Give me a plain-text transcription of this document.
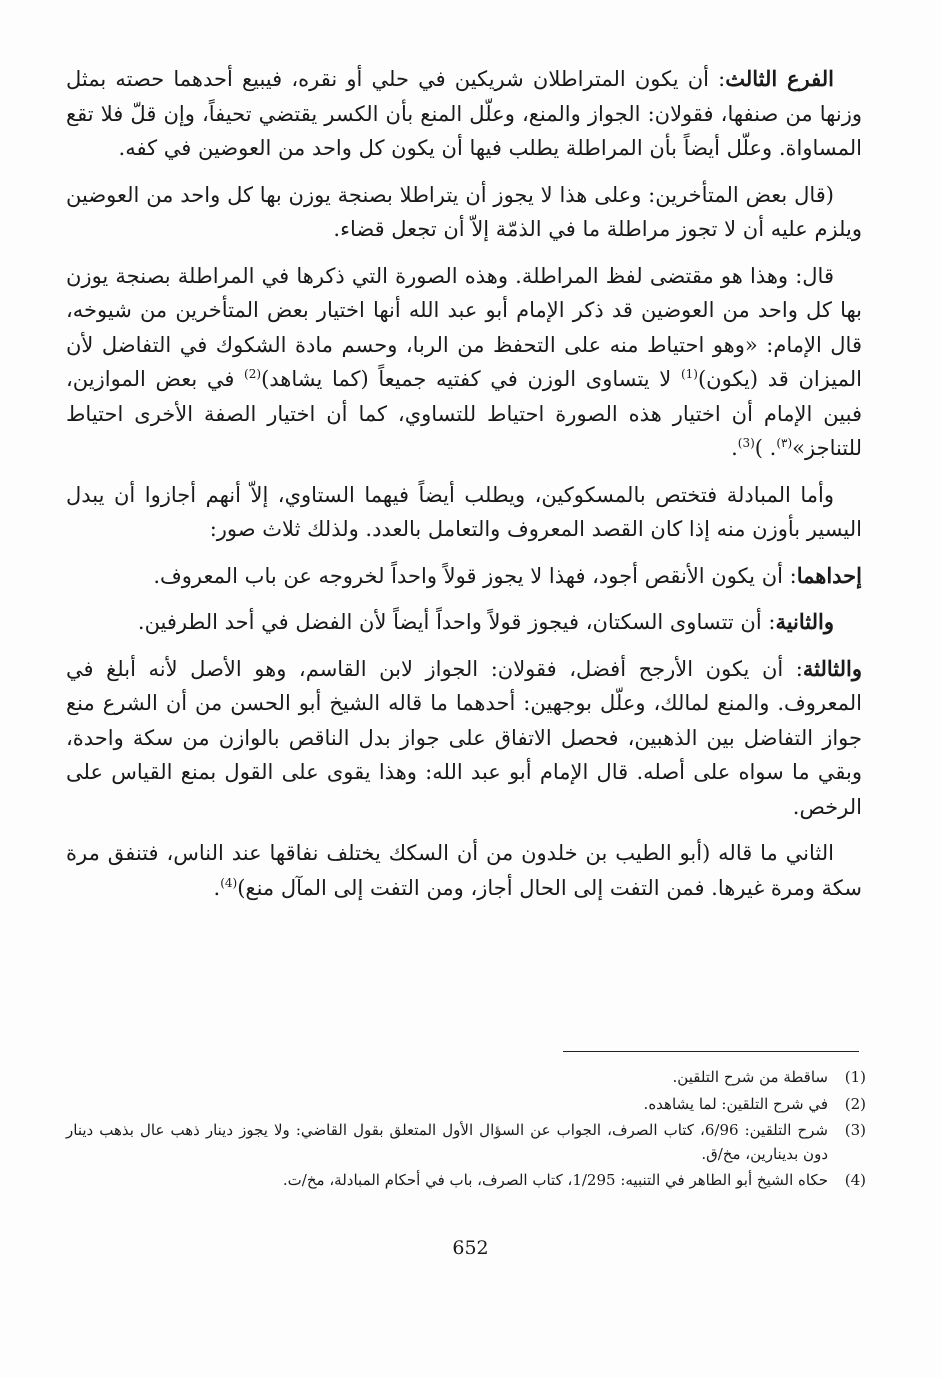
الفرع الثالث: أن يكون المتراطلان شريكين في حلي أو نقره، فيبيع أحدهما حصته بمثل وزنها من صنفها، فقولان: الجواز والمنع، وعلّل المنع بأن الكسر يقتضي تحيفاً، وإن قلّ فلا تقع المساواة. وعلّل أيضاً بأن المراطلة يطلب فيها أن يكون كل واحد من العوضين في كفه.

(قال بعض المتأخرين: وعلى هذا لا يجوز أن يتراطلا بصنجة يوزن بها كل واحد من العوضين ويلزم عليه أن لا تجوز مراطلة ما في الذمّة إلاّ أن تجعل قضاء.

قال: وهذا هو مقتضى لفظ المراطلة. وهذه الصورة التي ذكرها في المراطلة بصنجة يوزن بها كل واحد من العوضين قد ذكر الإمام أبو عبد الله أنها اختيار بعض المتأخرين من شيوخه، قال الإمام: «وهو احتياط منه على التحفظ من الربا، وحسم مادة الشكوك في التفاضل لأن الميزان قد (يكون)$^{(1)}$ لا يتساوى الوزن في كفتيه جميعاً (كما يشاهد)$^{(2)}$ في بعض الموازين، فبين الإمام أن اختيار هذه الصورة احتياط للتساوي، كما أن اختيار الصفة الأخرى احتياط للتناجز»$^{(٣)}$. )$^{(3)}$.

وأما المبادلة فتختص بالمسكوكين، ويطلب أيضاً فيهما الستاوي، إلاّ أنهم أجازوا أن يبدل اليسير بأوزن منه إذا كان القصد المعروف والتعامل بالعدد. ولذلك ثلاث صور:

إحداهما: أن يكون الأنقص أجود، فهذا لا يجوز قولاً واحداً لخروجه عن باب المعروف.

والثانية: أن تتساوى السكتان، فيجوز قولاً واحداً أيضاً لأن الفضل في أحد الطرفين.

والثالثة: أن يكون الأرجح أفضل، فقولان: الجواز لابن القاسم، وهو الأصل لأنه أبلغ في المعروف. والمنع لمالك، وعلّل بوجهين: أحدهما ما قاله الشيخ أبو الحسن من أن الشرع منع جواز التفاضل بين الذهبين، فحصل الاتفاق على جواز بدل الناقص بالوازن من سكة واحدة، وبقي ما سواه على أصله. قال الإمام أبو عبد الله: وهذا يقوى على القول بمنع القياس على الرخص.

الثاني ما قاله (أبو الطيب بن خلدون من أن السكك يختلف نفاقها عند الناس، فتنفق مرة سكة ومرة غيرها. فمن التفت إلى الحال أجاز، ومن التفت إلى المآل منع)$^{(4)}$.

(1)
ساقطة من شرح التلقين.
(2)
في شرح التلقين: لما يشاهده.
(3)
شرح التلقين: 6/96، كتاب الصرف، الجواب عن السؤال الأول المتعلق بقول القاضي: ولا يجوز دينار ذهب عال بذهب دينار دون بدينارين، مخ/ق.
(4)
حكاه الشيخ أبو الطاهر في التنبيه: 1/295، كتاب الصرف، باب في أحكام المبادلة، مخ/ت.
652
